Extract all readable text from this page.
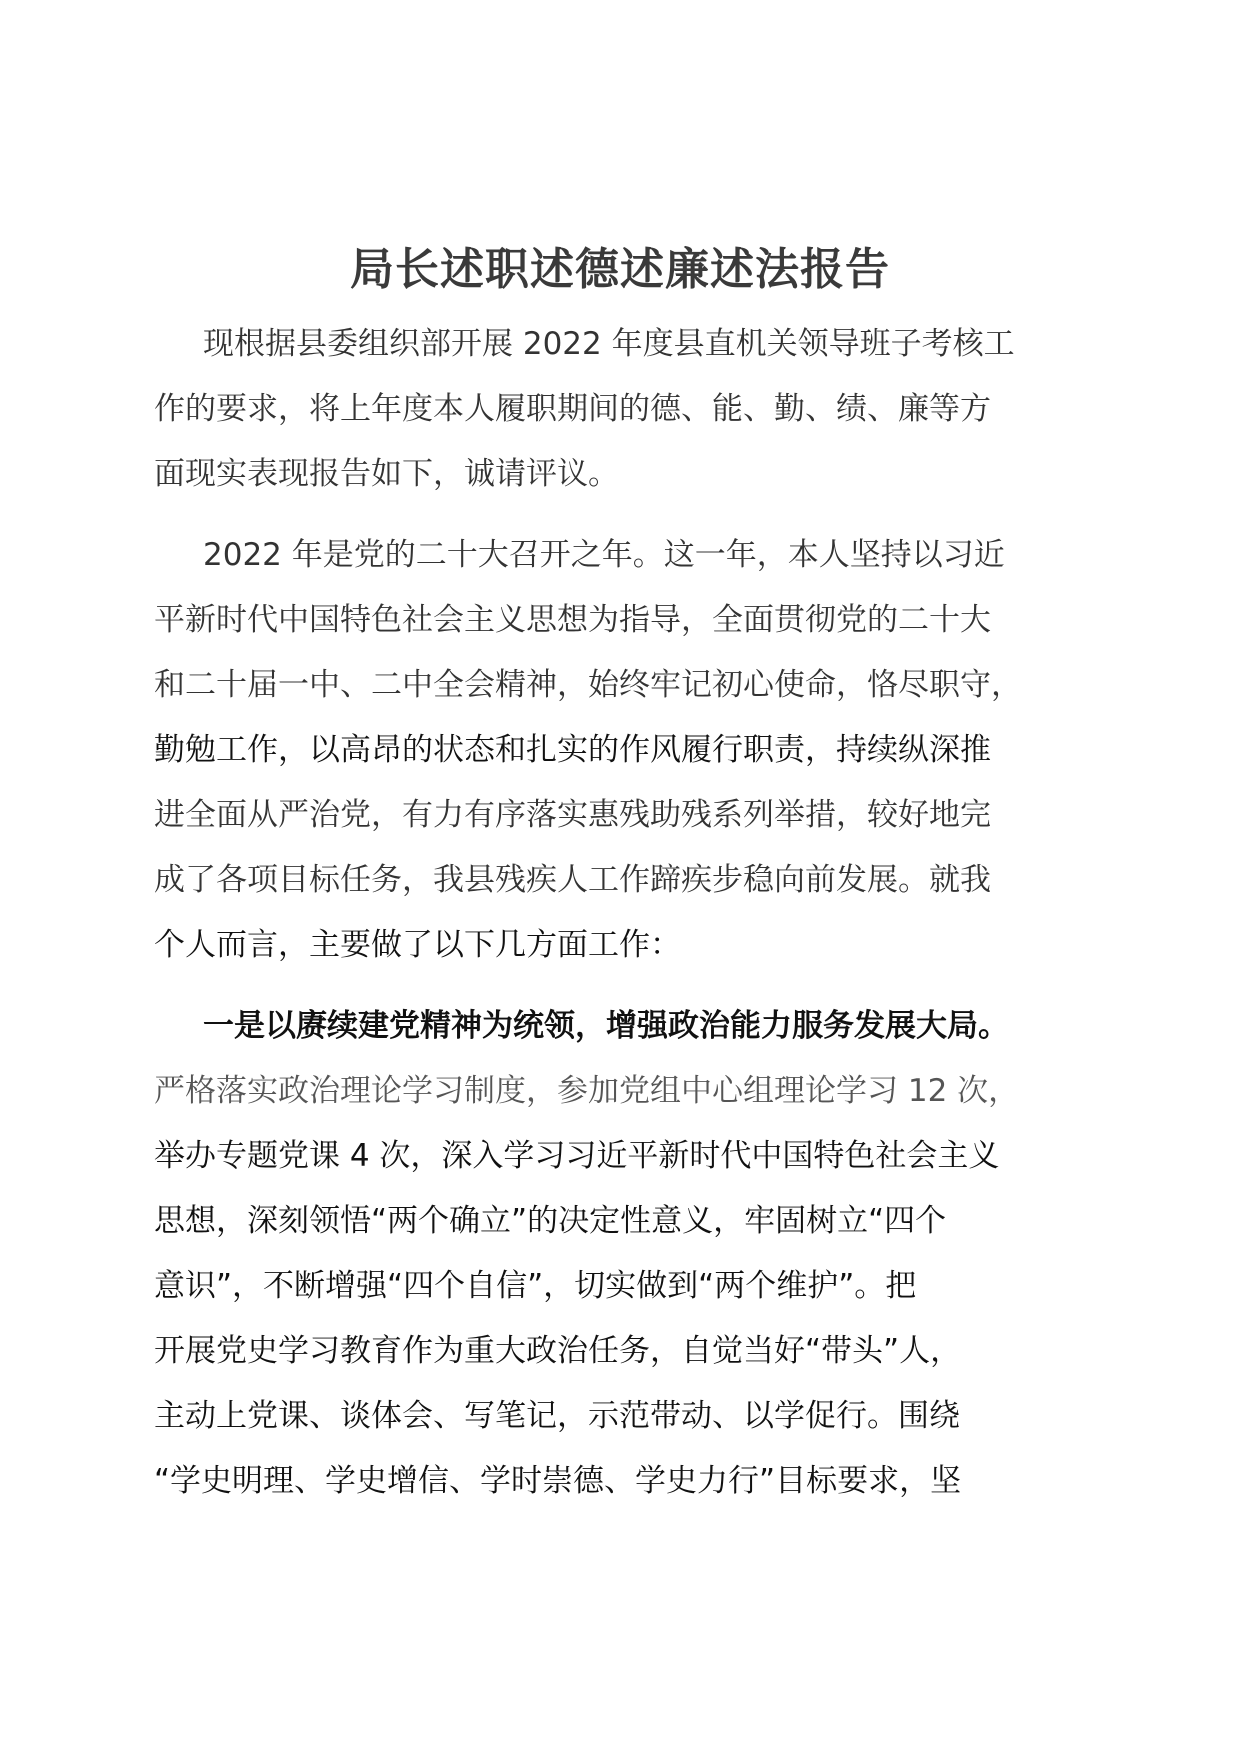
局长述职述德述廉述法报告

现根据县委组织部开展 2022 年度县直机关领导班子考核工

作的要求，将上年度本人履职期间的德、能、勤、绩、廉等方

面现实表现报告如下，诚请评议。

2022 年是党的二十大召开之年。这一年，本人坚持以习近

平新时代中国特色社会主义思想为指导，全面贯彻党的二十大

和二十届一中、二中全会精神，始终牢记初心使命，恪尽职守，

勤勉工作，以高昂的状态和扎实的作风履行职责，持续纵深推

进全面从严治党，有力有序落实惠残助残系列举措，较好地完

成了各项目标任务，我县残疾人工作蹄疾步稳向前发展。就我

个人而言，主要做了以下几方面工作：

一是以赓续建党精神为统领，增强政治能力服务发展大局。

严格落实政治理论学习制度，参加党组中心组理论学习 12 次，

举办专题党课 4 次，深入学习习近平新时代中国特色社会主义

思想，深刻领悟“两个确立”的决定性意义，牢固树立“四个

意识”，不断增强“四个自信”，切实做到“两个维护”。把

开展党史学习教育作为重大政治任务，自觉当好“带头”人，

主动上党课、谈体会、写笔记，示范带动、以学促行。围绕

“学史明理、学史增信、学时崇德、学史力行”目标要求，坚
